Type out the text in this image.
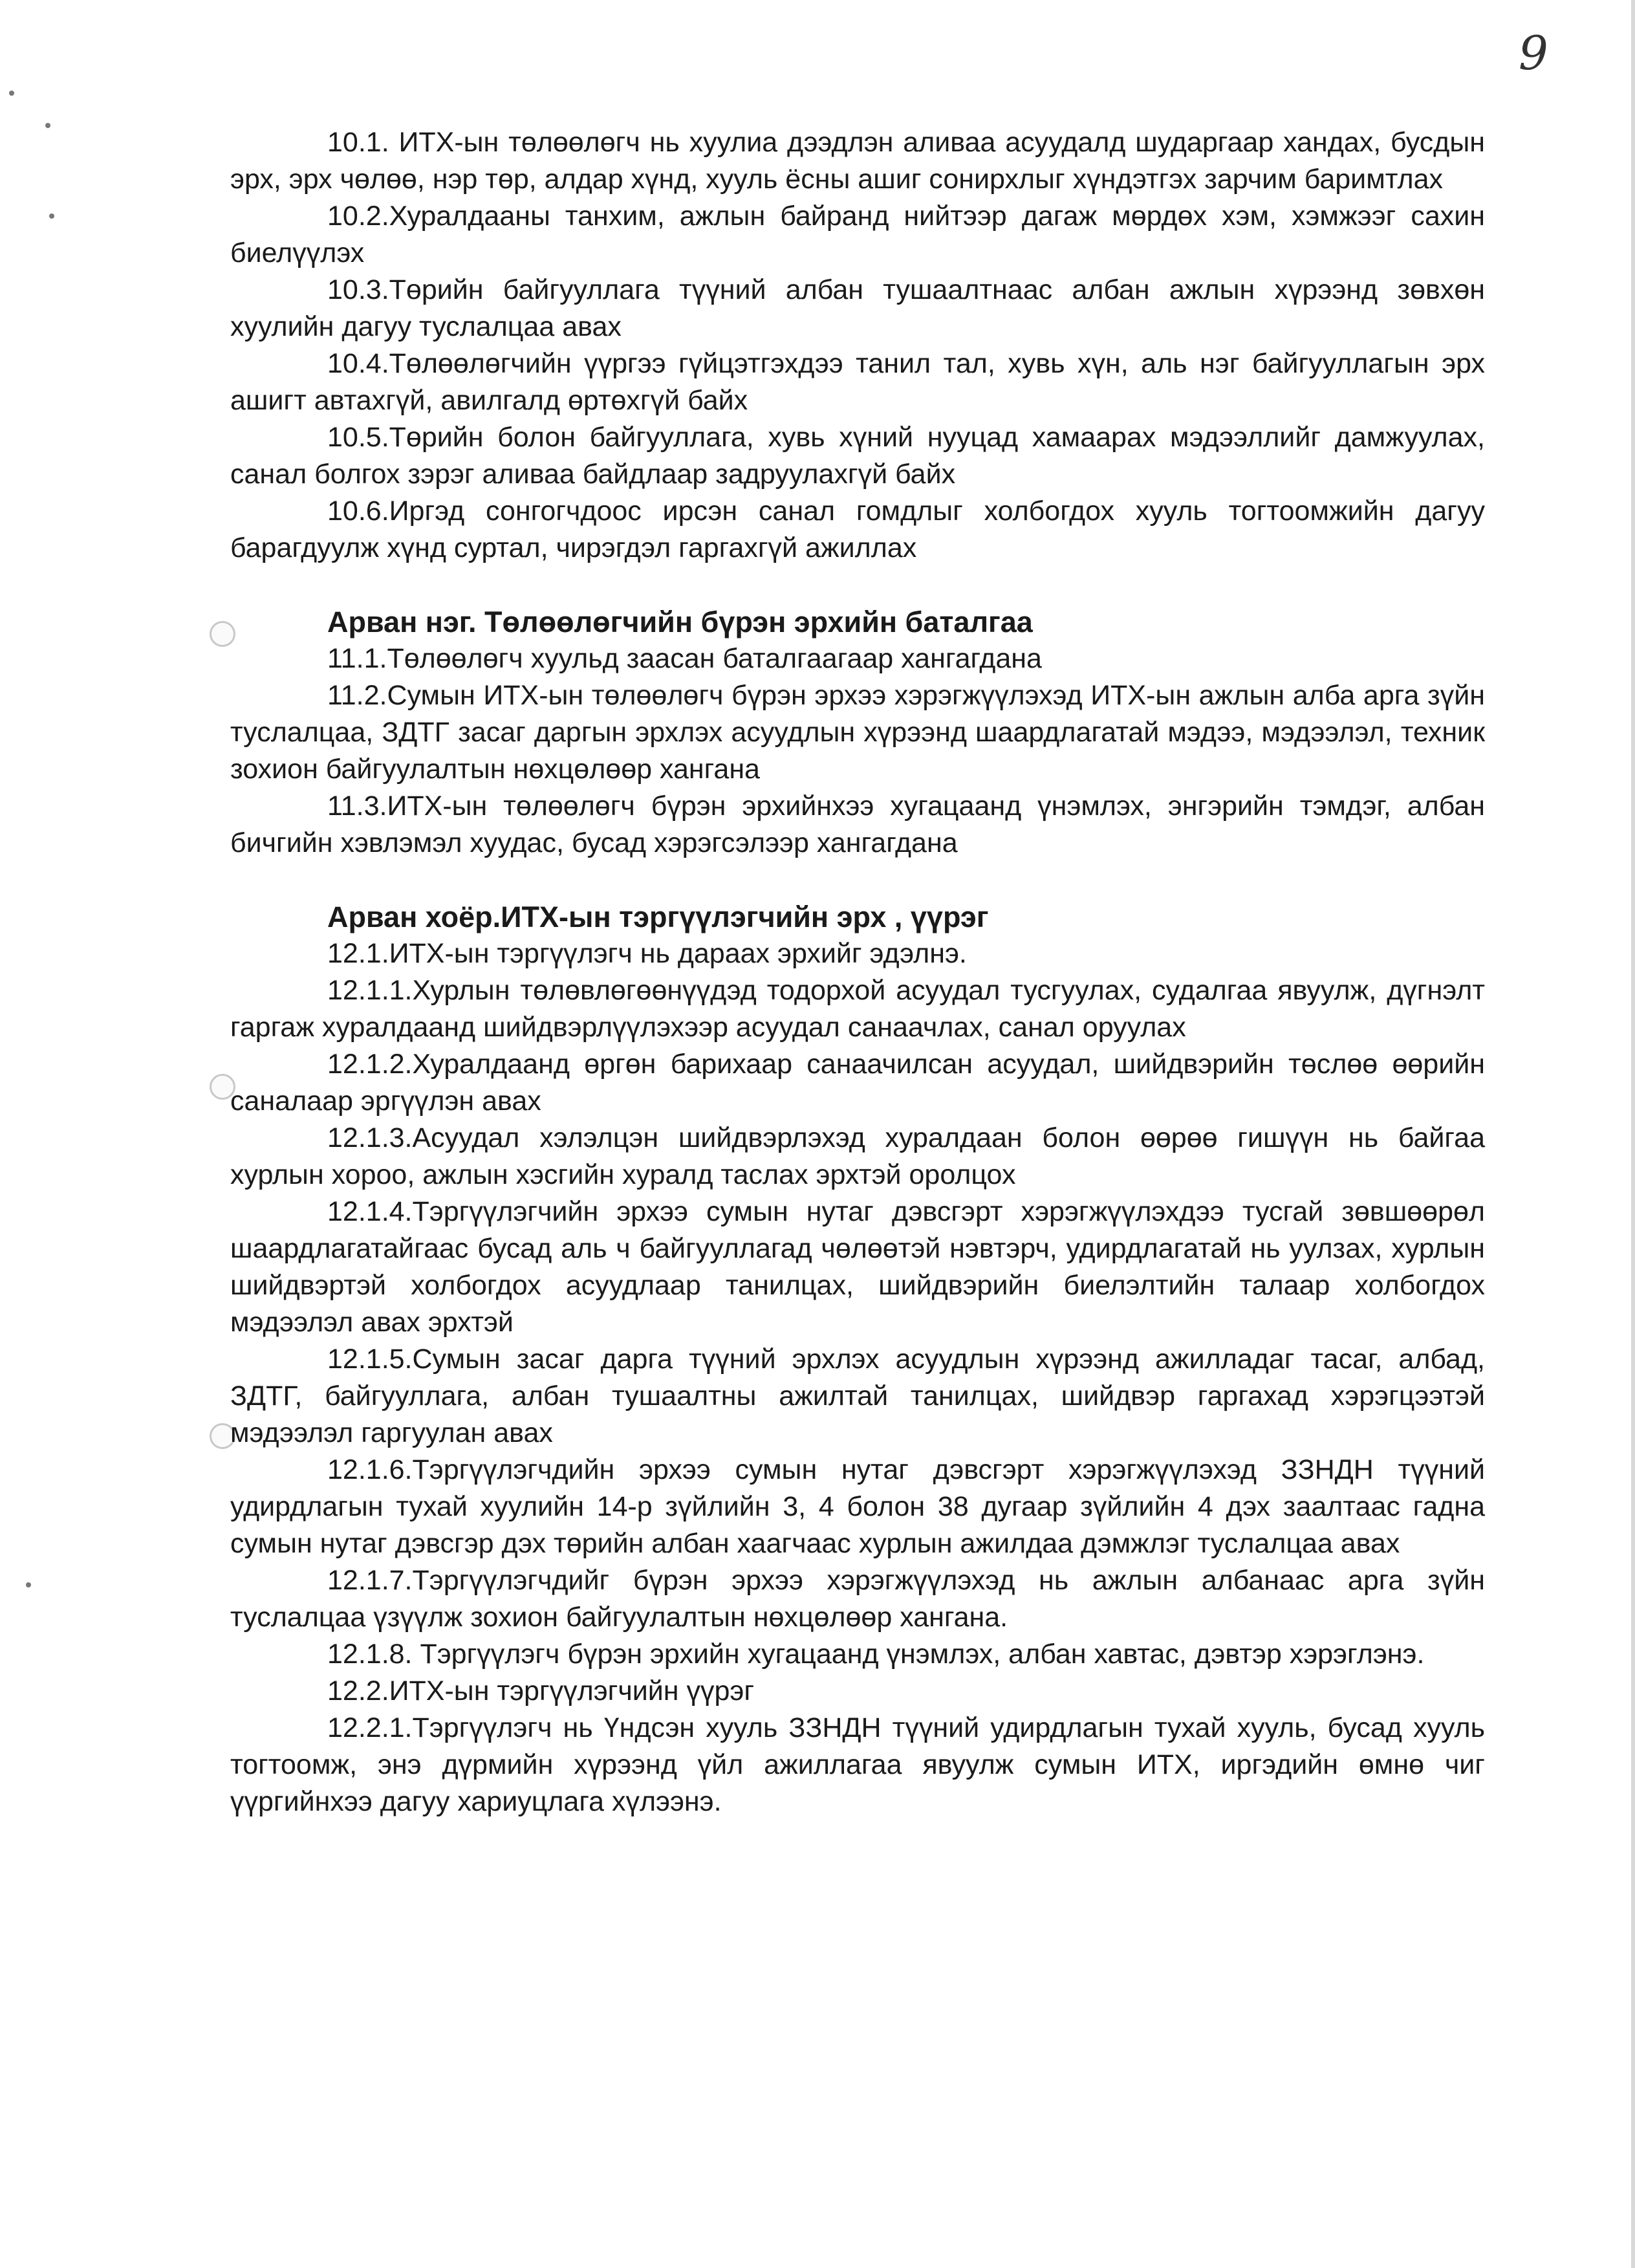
9

10.1. ИТХ-ын төлөөлөгч нь хуулиа дээдлэн аливаа асуудалд шударгаар хандах, бусдын эрх, эрх чөлөө, нэр төр, алдар хүнд, хууль ёсны ашиг сонирхлыг хүндэтгэх зарчим баримтлах

10.2.Хуралдааны танхим, ажлын байранд нийтээр дагаж мөрдөх хэм, хэмжээг сахин биелүүлэх

10.3.Төрийн байгууллага түүний албан тушаалтнаас албан ажлын хүрээнд зөвхөн хуулийн дагуу туслалцаа авах

10.4.Төлөөлөгчийн үүргээ гүйцэтгэхдээ танил тал, хувь хүн, аль нэг байгууллагын эрх ашигт автахгүй, авилгалд өртөхгүй байх

10.5.Төрийн болон байгууллага, хувь хүний нууцад хамаарах мэдээллийг дамжуулах, санал болгох зэрэг аливаа байдлаар задруулахгүй байх

10.6.Иргэд сонгогчдоос ирсэн санал гомдлыг холбогдох хууль тогтоомжийн дагуу барагдуулж хүнд суртал, чирэгдэл гаргахгүй ажиллах

Арван нэг. Төлөөлөгчийн бүрэн эрхийн баталгаа

11.1.Төлөөлөгч хуульд заасан баталгаагаар хангагдана

11.2.Сумын ИТХ-ын төлөөлөгч бүрэн эрхээ хэрэгжүүлэхэд ИТХ-ын ажлын алба арга зүйн туслалцаа, ЗДТГ засаг даргын эрхлэх асуудлын хүрээнд шаардлагатай мэдээ, мэдээлэл, техник зохион байгуулалтын нөхцөлөөр хангана

11.3.ИТХ-ын төлөөлөгч бүрэн эрхийнхээ хугацаанд үнэмлэх, энгэрийн тэмдэг, албан бичгийн хэвлэмэл хуудас, бусад хэрэгсэлээр хангагдана

Арван хоёр.ИТХ-ын тэргүүлэгчийн эрх , үүрэг

12.1.ИТХ-ын тэргүүлэгч нь дараах эрхийг эдэлнэ.

12.1.1.Хурлын төлөвлөгөөнүүдэд тодорхой асуудал тусгуулах, судалгаа явуулж, дүгнэлт гаргаж хуралдаанд шийдвэрлүүлэхээр асуудал санаачлах, санал оруулах

12.1.2.Хуралдаанд өргөн барихаар санаачилсан асуудал, шийдвэрийн төслөө өөрийн саналаар эргүүлэн авах

12.1.3.Асуудал хэлэлцэн шийдвэрлэхэд хуралдаан болон өөрөө гишүүн нь байгаа хурлын хороо, ажлын хэсгийн хуралд таслах эрхтэй оролцох

12.1.4.Тэргүүлэгчийн эрхээ сумын нутаг дэвсгэрт хэрэгжүүлэхдээ тусгай зөвшөөрөл шаардлагатайгаас бусад аль ч байгууллагад чөлөөтэй нэвтэрч, удирдлагатай нь уулзах, хурлын шийдвэртэй холбогдох асуудлаар танилцах, шийдвэрийн биелэлтийн талаар холбогдох мэдээлэл авах эрхтэй

12.1.5.Сумын засаг дарга түүний эрхлэх асуудлын хүрээнд ажилладаг тасаг, албад, ЗДТГ, байгууллага, албан тушаалтны ажилтай танилцах, шийдвэр гаргахад хэрэгцээтэй мэдээлэл гаргуулан авах

12.1.6.Тэргүүлэгчдийн эрхээ сумын нутаг дэвсгэрт хэрэгжүүлэхэд ЗЗНДН түүний удирдлагын тухай хуулийн 14-р зүйлийн 3, 4 болон 38 дугаар зүйлийн 4 дэх заалтаас гадна сумын нутаг дэвсгэр дэх төрийн албан хаагчаас хурлын ажилдаа дэмжлэг туслалцаа авах

12.1.7.Тэргүүлэгчдийг бүрэн эрхээ хэрэгжүүлэхэд нь ажлын албанаас арга зүйн туслалцаа үзүүлж зохион байгуулалтын нөхцөлөөр хангана.

12.1.8. Тэргүүлэгч бүрэн эрхийн хугацаанд үнэмлэх, албан хавтас, дэвтэр хэрэглэнэ.

12.2.ИТХ-ын тэргүүлэгчийн үүрэг

12.2.1.Тэргүүлэгч нь Үндсэн хууль ЗЗНДН түүний удирдлагын тухай хууль, бусад хууль тогтоомж, энэ дүрмийн хүрээнд үйл ажиллагаа явуулж сумын ИТХ, иргэдийн өмнө чиг үүргийнхээ дагуу хариуцлага хүлээнэ.
